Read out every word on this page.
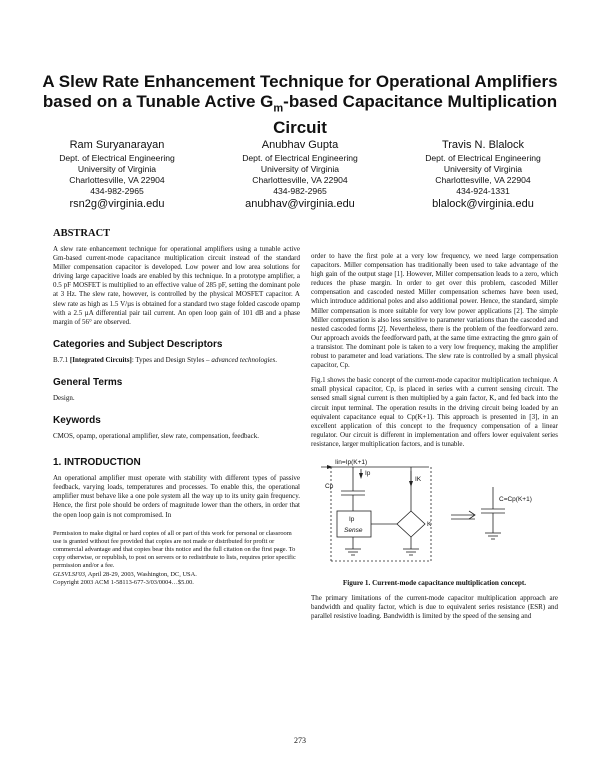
A Slew Rate Enhancement Technique for Operational Amplifiers based on a Tunable Active $G_m$-based Capacitance Multiplication Circuit
Ram Suryanarayan
Dept. of Electrical Engineering
University of Virginia
Charlottesville, VA 22904
434-982-2965
rsn2g@virginia.edu
Anubhav Gupta
Dept. of Electrical Engineering
University of Virginia
Charlottesville, VA 22904
434-982-2965
anubhav@virginia.edu
Travis N. Blalock
Dept. of Electrical Engineering
University of Virginia
Charlottesville, VA 22904
434-924-1331
blalock@virginia.edu
ABSTRACT

A slew rate enhancement technique for operational amplifiers using a tunable active Gm-based current-mode capacitance multiplication circuit instead of the standard Miller compensation capacitor is developed. Low power and low area solutions for driving large capacitive loads are enabled by this technique. In a prototype amplifier, a 0.5 pF MOSFET is multiplied to an effective value of 285 pF, setting the dominant pole at 3 Hz. The slew rate, however, is controlled by the physical MOSFET capacitor. A slew rate as high as 1.5 V/µs is obtained for a standard two stage folded cascode opamp with a 2.5 µA differential pair tail current. An open loop gain of 101 dB and a phase margin of 56° are observed.

Categories and Subject Descriptors

B.7.1 [Integrated Circuits]: Types and Design Styles – advanced technologies.

General Terms

Design.

Keywords

CMOS, opamp, operational amplifier, slew rate, compensation, feedback.

1. INTRODUCTION

An operational amplifier must operate with stability with different types of passive feedback, varying loads, temperatures and processes. To enable this, the operational amplifier must behave like a one pole system all the way up to its unity gain frequency. Hence, the first pole should be orders of magnitude lower than the others, in order that the open loop gain is not compromised. In

Permission to make digital or hard copies of all or part of this work for personal or classroom use is granted without fee provided that copies are not made or distributed for profit or commercial advantage and that copies bear this notice and the full citation on the first page. To copy otherwise, or republish, to post on servers or to redistribute to lists, requires prior specific permission and/or a fee.
GLSVLSI'03, April 28-29, 2003, Washington, DC, USA.
Copyright 2003 ACM 1-58113-677-3/03/0004…$5.00.

order to have the first pole at a very low frequency, we need large compensation capacitors. Miller compensation has traditionally been used to take advantage of the high gain of the output stage [1]. However, Miller compensation leads to a zero, which reduces the phase margin. In order to get over this problem, cascoded Miller compensation and cascoded nested Miller compensation schemes have been used, which introduce additional poles and also additional power. Hence, the standard, simple Miller compensation is more suitable for very low power applications [2]. The simple Miller compensation is also less sensitive to parameter variations than the cascoded and nested cascoded forms [2]. Nevertheless, there is the problem of the feedforward zero. Our approach avoids the feedforward path, at the same time extracting the gmro gain of a transistor. The dominant pole is taken to a very low frequency, making the amplifier robust to parameter and load variations. The slew rate is controlled by a small physical capacitor, Cp.

Fig.1 shows the basic concept of the current-mode capacitor multiplication technique. A small physical capacitor, Cp, is placed in series with a current sensing circuit. The sensed small signal current is then multiplied by a gain factor, K, and fed back into the circuit input terminal. The operation results in the driving circuit being loaded by an equivalent capacitance equal to Cp(K+1). This approach is presented in [3], in an excellent application of this concept to the frequency compensation of a linear regulator. Our circuit is different in implementation and offers lower equivalent series resistance, larger multiplication factors, and is tunable.

Iin=Ip(K+1)
Cp
Ip
IK
Ip
Sense
K
C=Cp(K+1)
Figure 1. Current-mode capacitance multiplication concept.

The primary limitations of the current-mode capacitor multiplication approach are bandwidth and quality factor, which is due to equivalent series resistance (ESR) and parallel resistive loading. Bandwidth is limited by the speed of the sensing and

273
